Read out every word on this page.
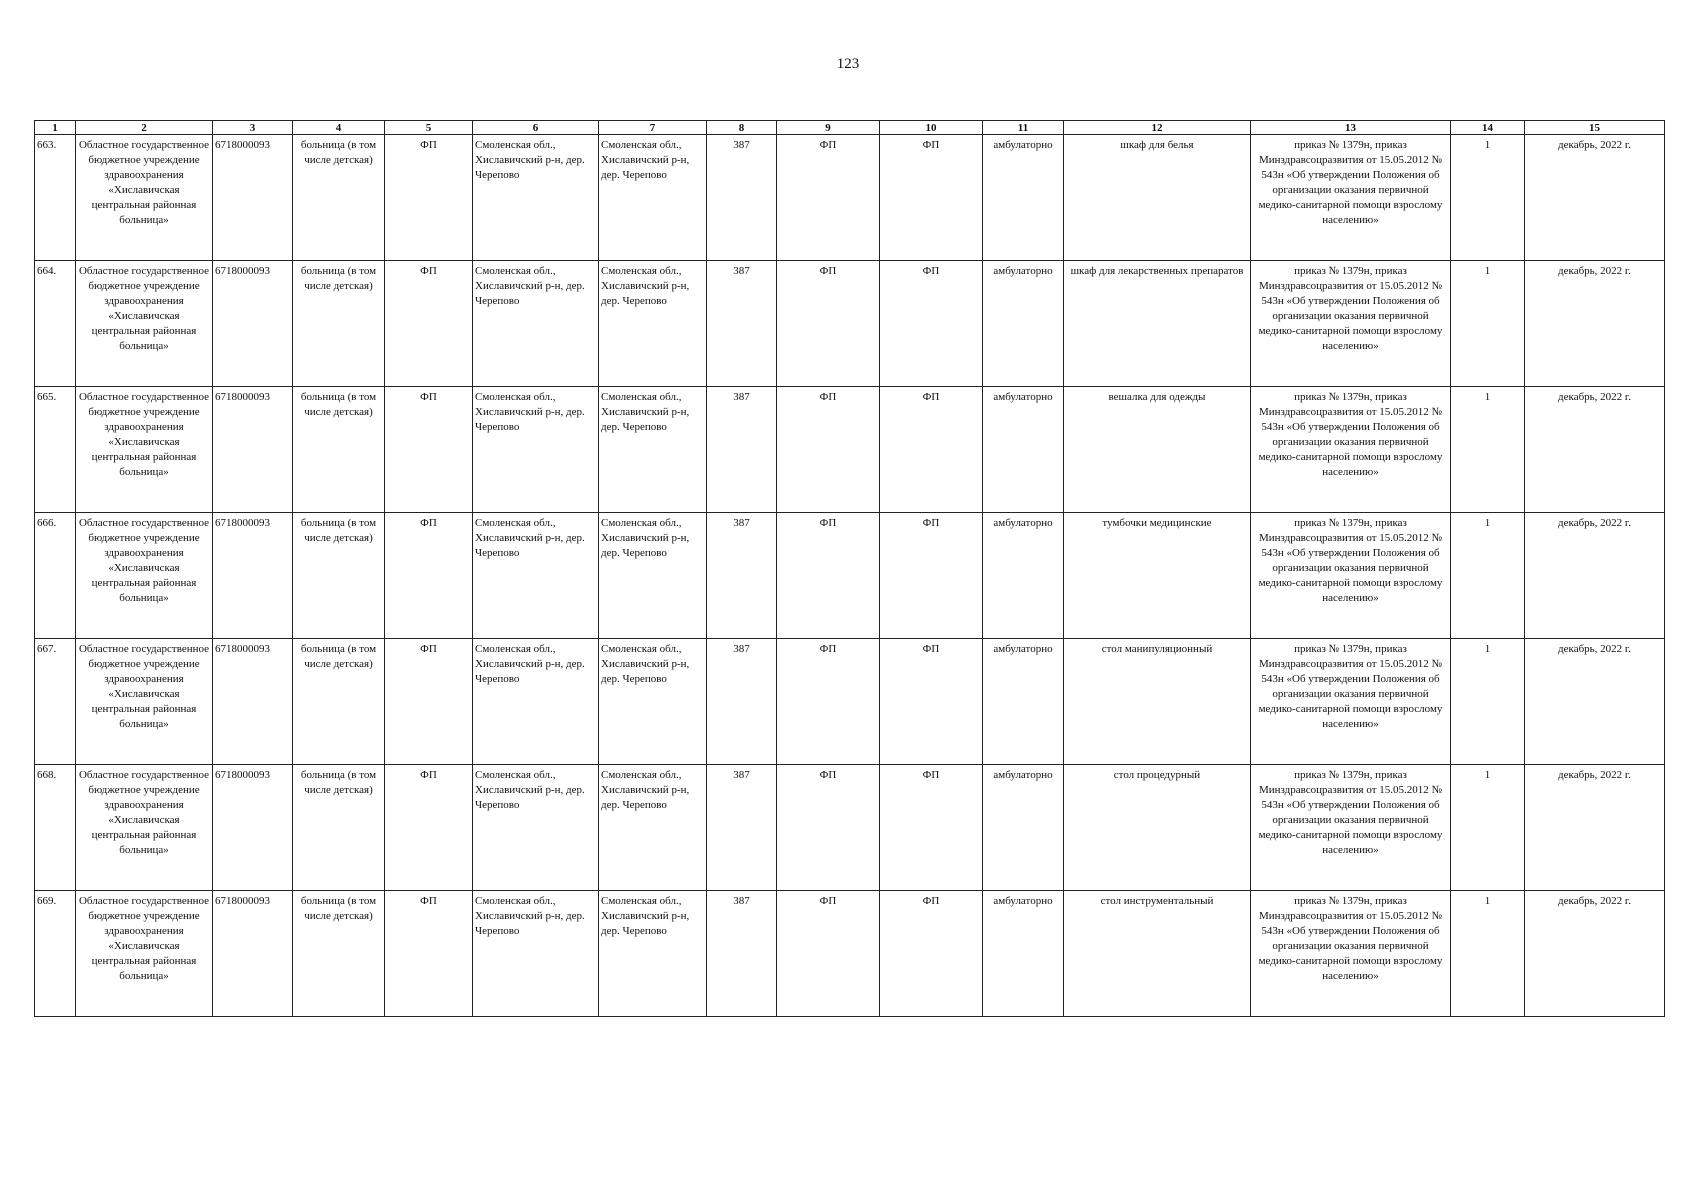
123
1	2	3	4	5	6	7	8	9	10	11	12	13	14	15
663.	Областное государственное бюджетное учреждение здравоохранения «Хиславичская центральная районная больница»	6718000093	больница (в том числе детская)	ФП	Смоленская обл., Хиславичский р-н, дер. Черепово	Смоленская обл., Хиславичский р-н, дер. Черепово	387	ФП	ФП	амбулаторно	шкаф для белья	приказ № 1379н, приказ Минздравсоцразвития от 15.05.2012 № 543н «Об утверждении Положения об организации оказания первичной медико-санитарной помощи взрослому населению»	1	декабрь, 2022 г.
664.	Областное государственное бюджетное учреждение здравоохранения «Хиславичская центральная районная больница»	6718000093	больница (в том числе детская)	ФП	Смоленская обл., Хиславичский р-н, дер. Черепово	Смоленская обл., Хиславичский р-н, дер. Черепово	387	ФП	ФП	амбулаторно	шкаф для лекарственных препаратов	приказ № 1379н, приказ Минздравсоцразвития от 15.05.2012 № 543н «Об утверждении Положения об организации оказания первичной медико-санитарной помощи взрослому населению»	1	декабрь, 2022 г.
665.	Областное государственное бюджетное учреждение здравоохранения «Хиславичская центральная районная больница»	6718000093	больница (в том числе детская)	ФП	Смоленская обл., Хиславичский р-н, дер. Черепово	Смоленская обл., Хиславичский р-н, дер. Черепово	387	ФП	ФП	амбулаторно	вешалка для одежды	приказ № 1379н, приказ Минздравсоцразвития от 15.05.2012 № 543н «Об утверждении Положения об организации оказания первичной медико-санитарной помощи взрослому населению»	1	декабрь, 2022 г.
666.	Областное государственное бюджетное учреждение здравоохранения «Хиславичская центральная районная больница»	6718000093	больница (в том числе детская)	ФП	Смоленская обл., Хиславичский р-н, дер. Черепово	Смоленская обл., Хиславичский р-н, дер. Черепово	387	ФП	ФП	амбулаторно	тумбочки медицинские	приказ № 1379н, приказ Минздравсоцразвития от 15.05.2012 № 543н «Об утверждении Положения об организации оказания первичной медико-санитарной помощи взрослому населению»	1	декабрь, 2022 г.
667.	Областное государственное бюджетное учреждение здравоохранения «Хиславичская центральная районная больница»	6718000093	больница (в том числе детская)	ФП	Смоленская обл., Хиславичский р-н, дер. Черепово	Смоленская обл., Хиславичский р-н, дер. Черепово	387	ФП	ФП	амбулаторно	стол манипуляционный	приказ № 1379н, приказ Минздравсоцразвития от 15.05.2012 № 543н «Об утверждении Положения об организации оказания первичной медико-санитарной помощи взрослому населению»	1	декабрь, 2022 г.
668.	Областное государственное бюджетное учреждение здравоохранения «Хиславичская центральная районная больница»	6718000093	больница (в том числе детская)	ФП	Смоленская обл., Хиславичский р-н, дер. Черепово	Смоленская обл., Хиславичский р-н, дер. Черепово	387	ФП	ФП	амбулаторно	стол процедурный	приказ № 1379н, приказ Минздравсоцразвития от 15.05.2012 № 543н «Об утверждении Положения об организации оказания первичной медико-санитарной помощи взрослому населению»	1	декабрь, 2022 г.
669.	Областное государственное бюджетное учреждение здравоохранения «Хиславичская центральная районная больница»	6718000093	больница (в том числе детская)	ФП	Смоленская обл., Хиславичский р-н, дер. Черепово	Смоленская обл., Хиславичский р-н, дер. Черепово	387	ФП	ФП	амбулаторно	стол инструментальный	приказ № 1379н, приказ Минздравсоцразвития от 15.05.2012 № 543н «Об утверждении Положения об организации оказания первичной медико-санитарной помощи взрослому населению»	1	декабрь, 2022 г.
